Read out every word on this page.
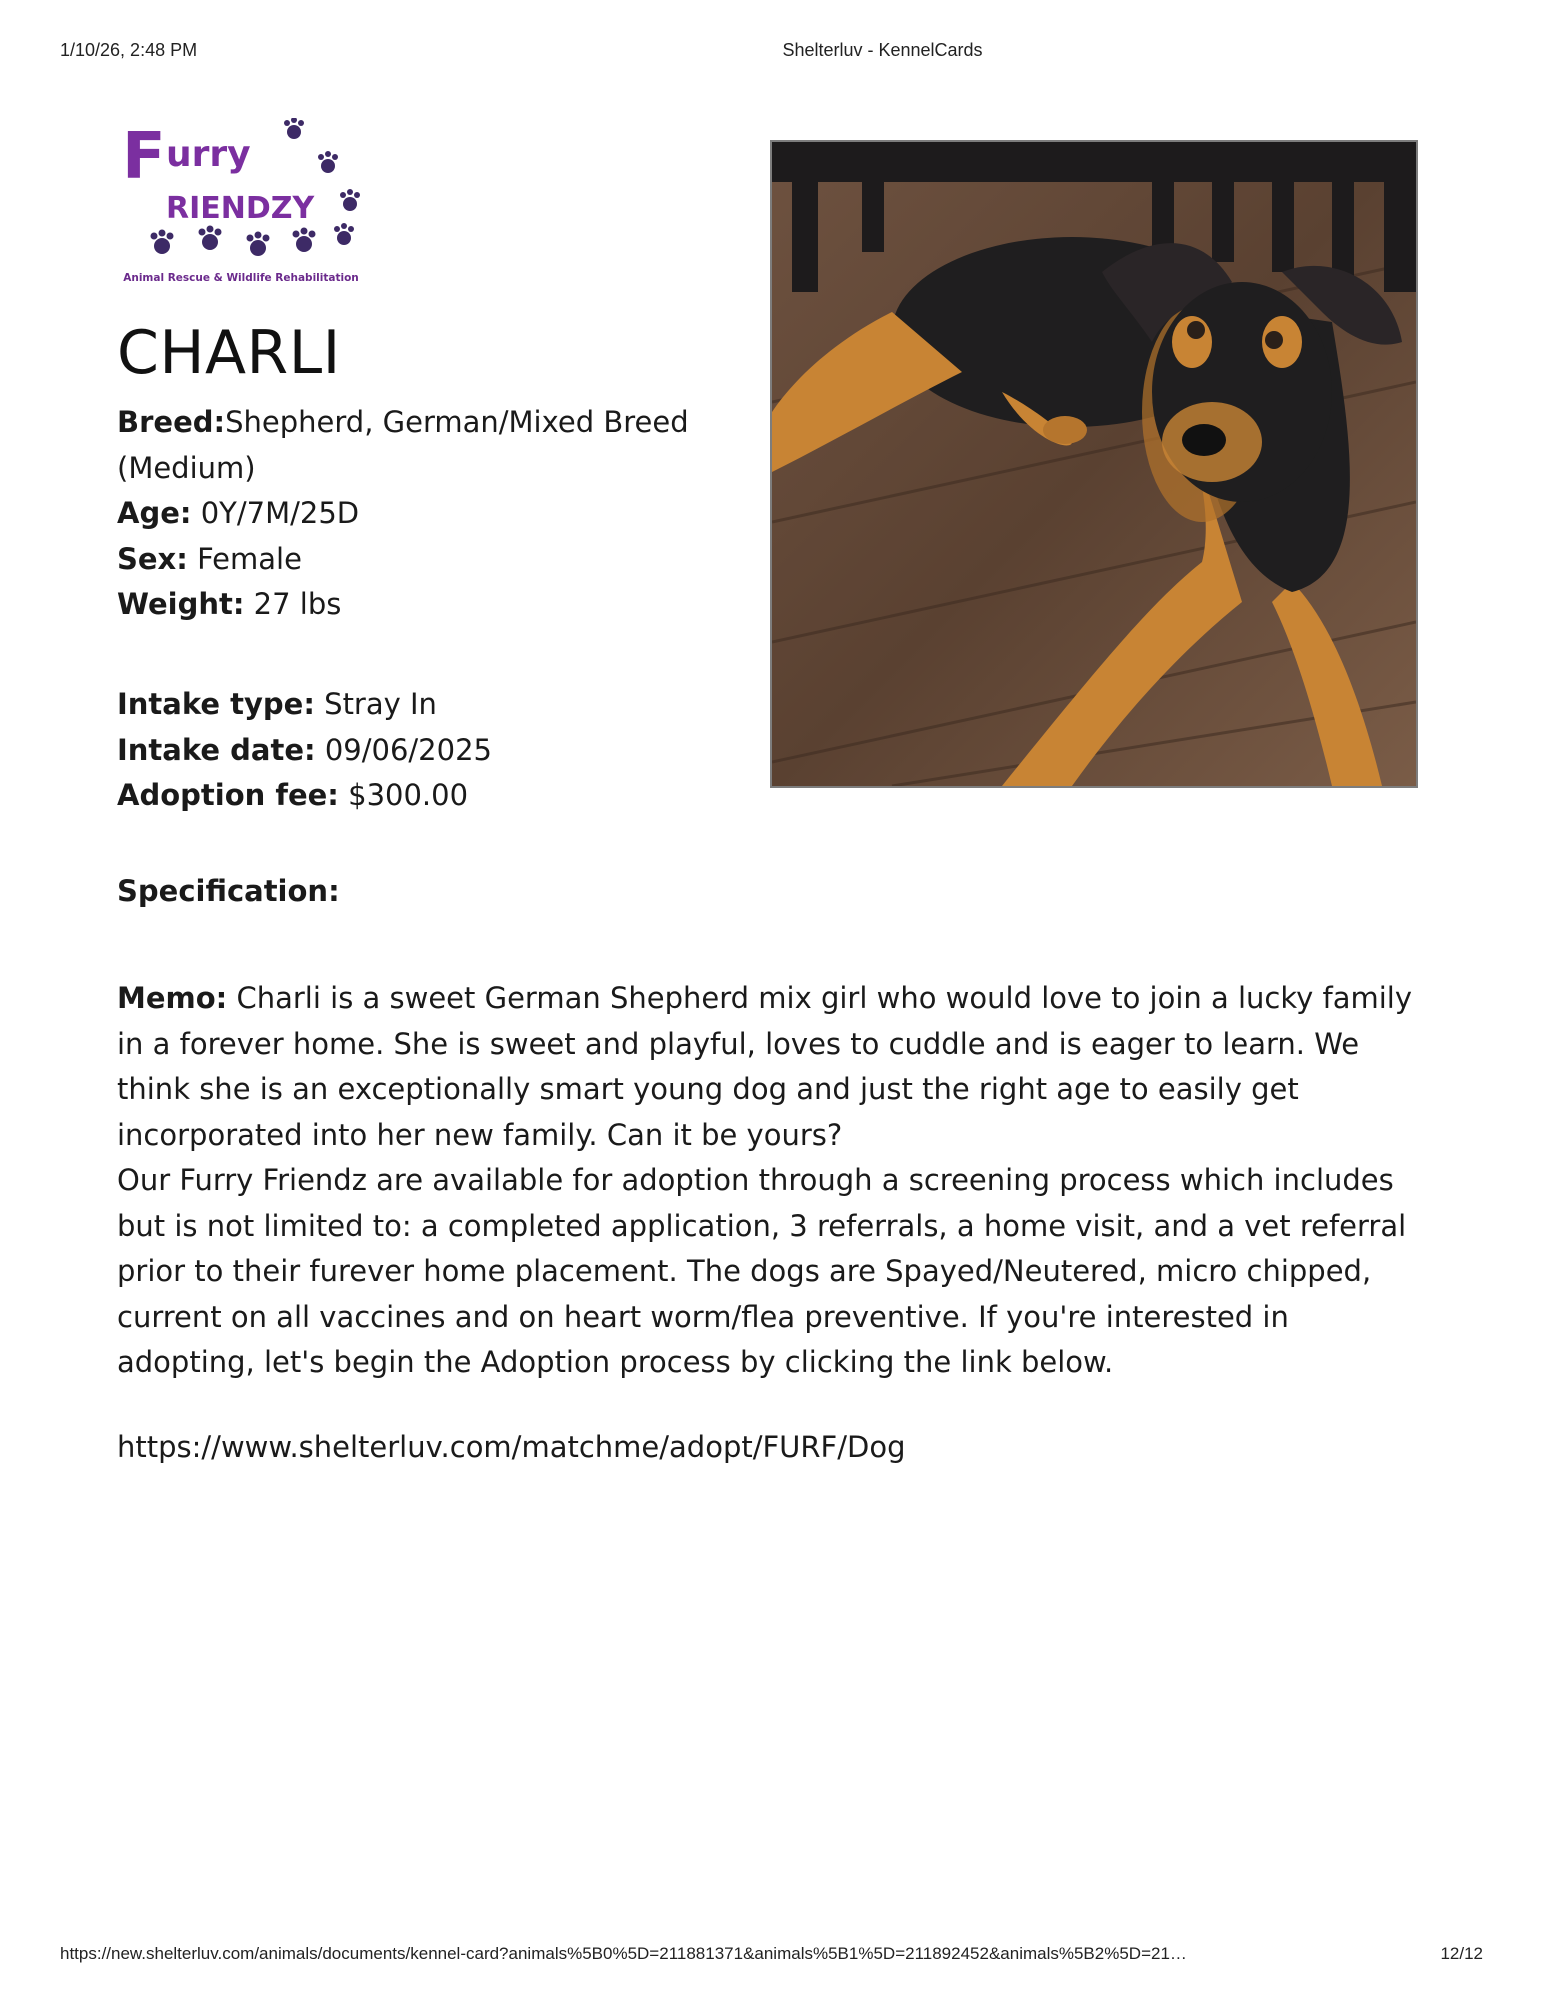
1/10/26, 2:48 PM	Shelterluv - KennelCards
F urry
RIENDZY
Animal Rescue & Wildlife Rehabilitation
CHARLI

Breed:Shepherd, German/Mixed Breed (Medium)

Age: 0Y/7M/25D

Sex: Female

Weight: 27 lbs

Intake type: Stray In

Intake date: 09/06/2025

Adoption fee: $300.00

Specification:

Memo: Charli is a sweet German Shepherd mix girl who would love to join a lucky family in a forever home. She is sweet and playful, loves to cuddle and is eager to learn. We think she is an exceptionally smart young dog and just the right age to easily get incorporated into her new family. Can it be yours?

Our Furry Friendz are available for adoption through a screening process which includes but is not limited to: a completed application, 3 referrals, a home visit, and a vet referral prior to their furever home placement. The dogs are Spayed/Neutered, micro chipped, current on all vaccines and on heart worm/flea preventive. If you're interested in adopting, let's begin the Adoption process by clicking the link below.

https://www.shelterluv.com/matchme/adopt/FURF/Dog
https://new.shelterluv.com/animals/documents/kennel-card?animals%5B0%5D=211881371&animals%5B1%5D=211892452&animals%5B2%5D=21…	12/12
